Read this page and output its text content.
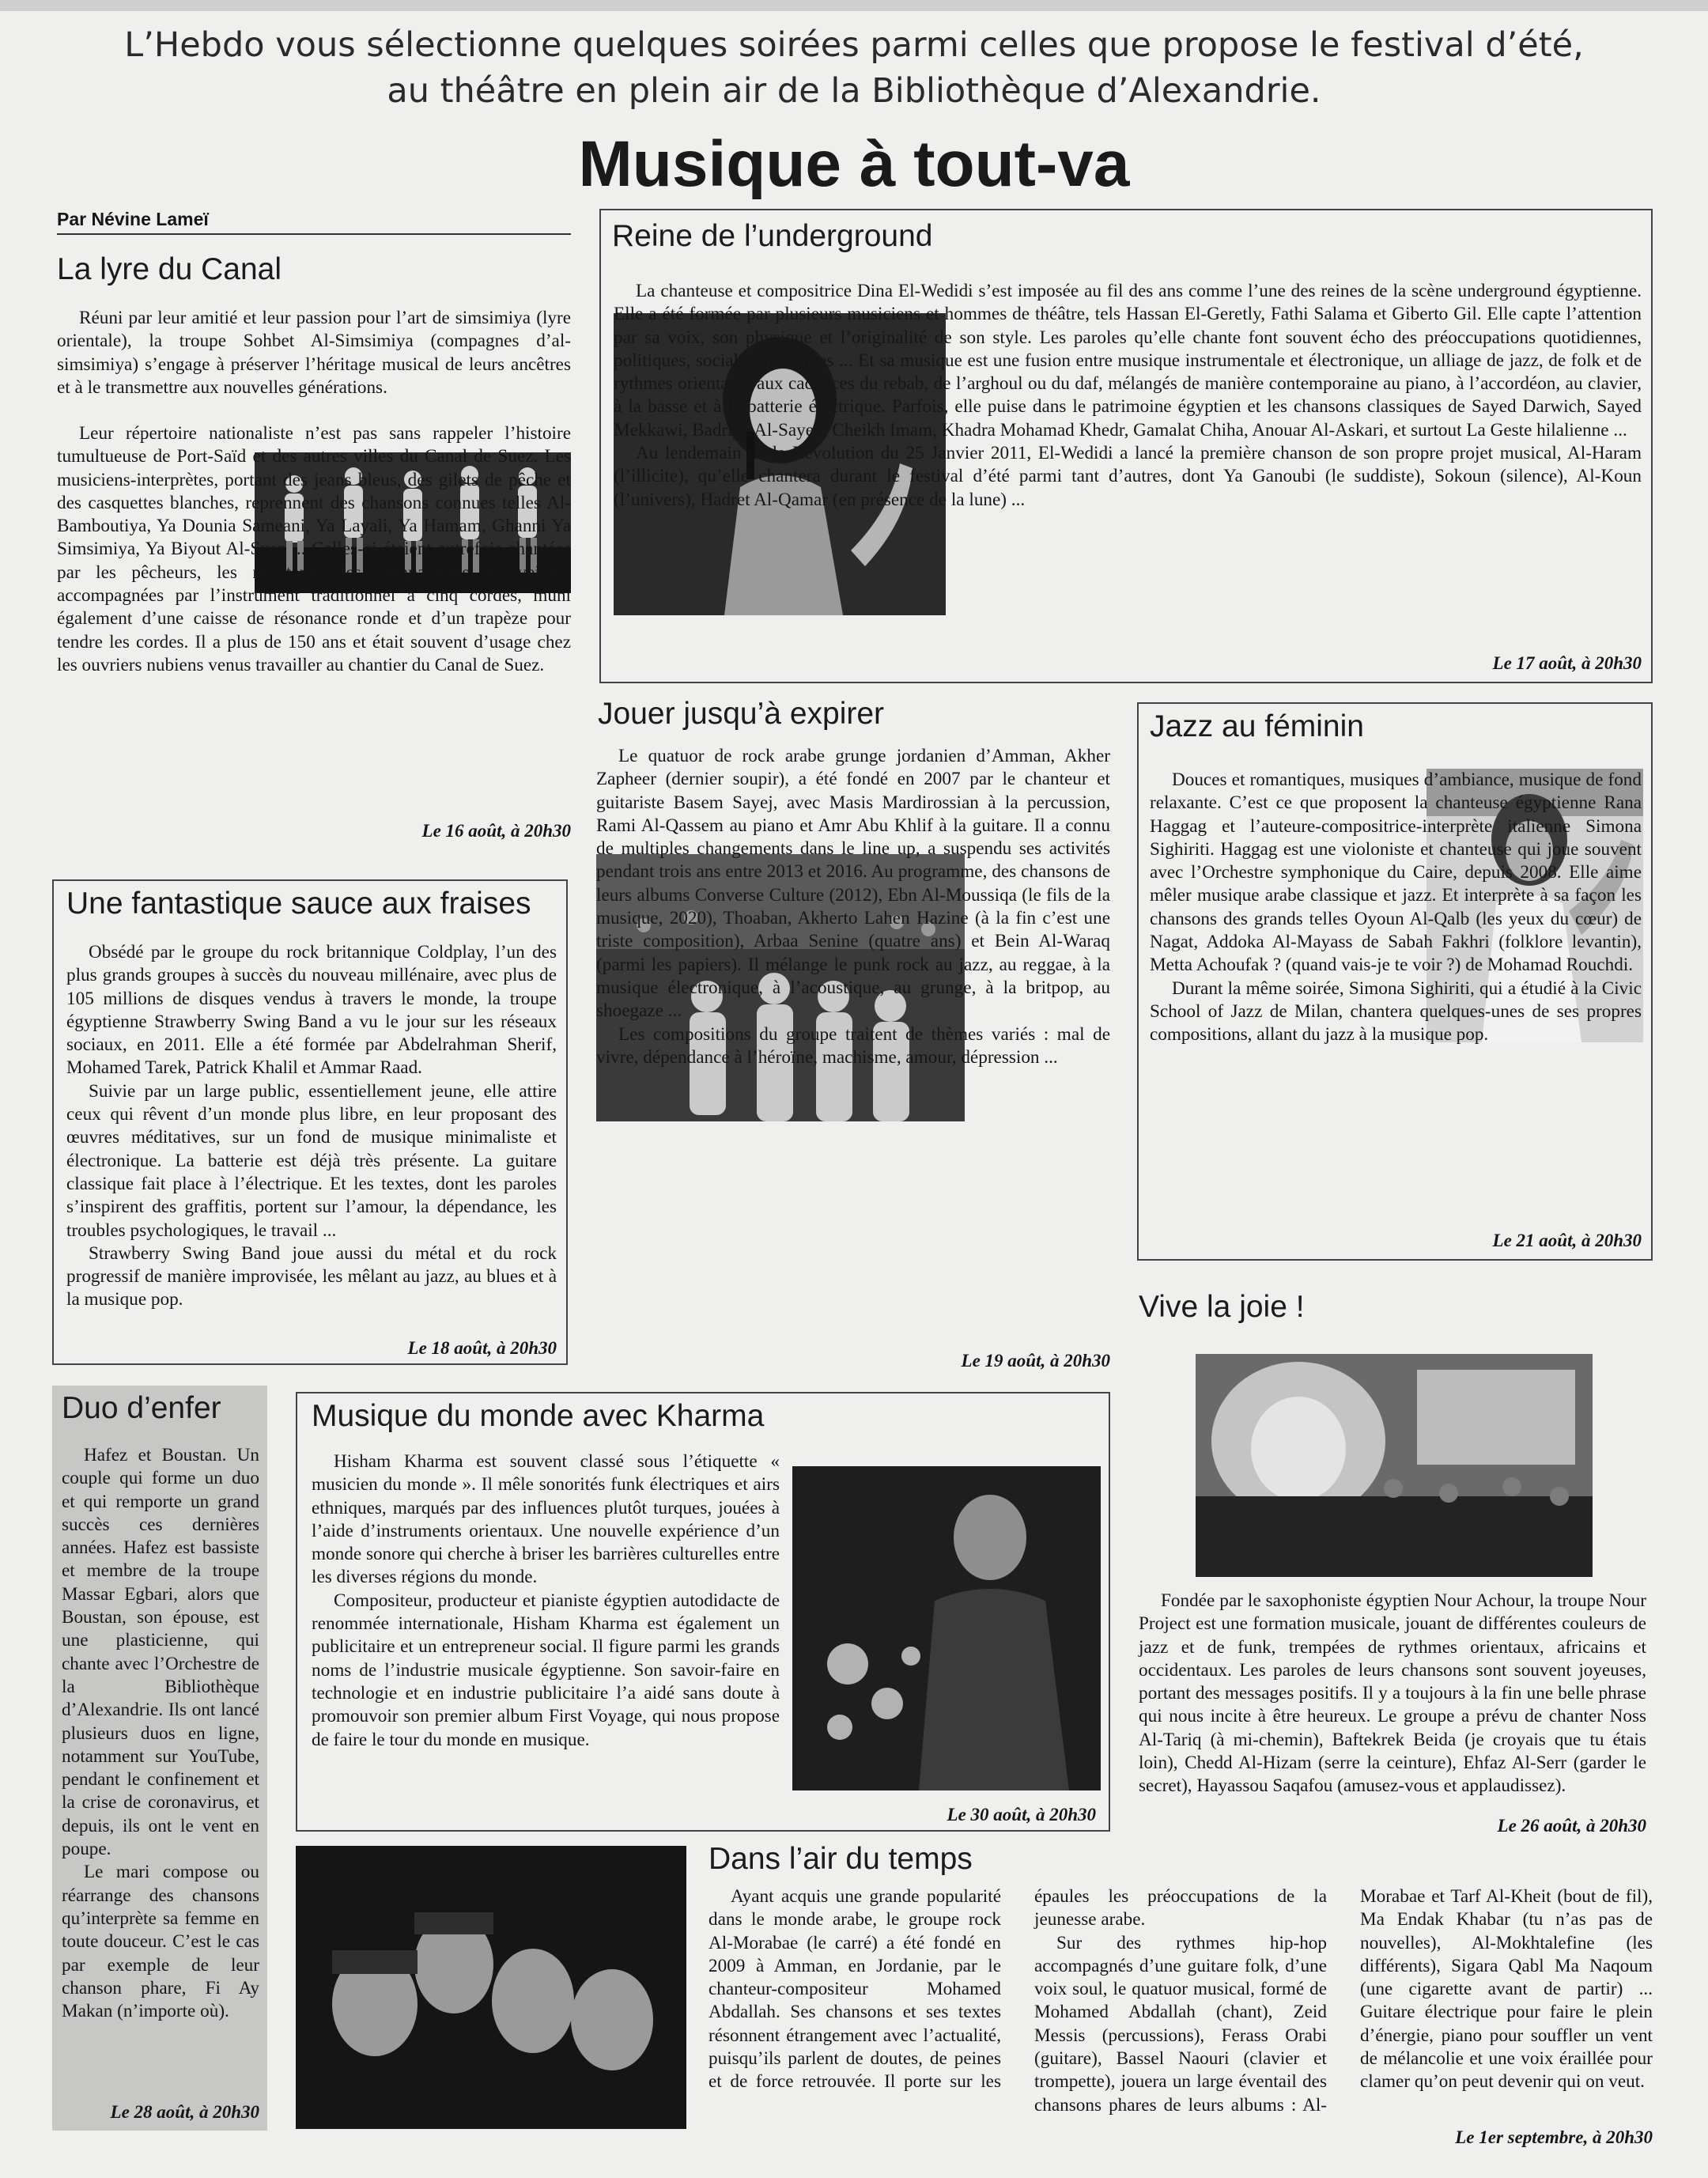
L’Hebdo vous sélectionne quelques soirées parmi celles que propose le festival d’été,
au théâtre en plein air de la Bibliothèque d’Alexandrie.
Musique à tout-va
Par Névine Lameï
La lyre du Canal

Réuni par leur amitié et leur passion pour l’art de simsimiya (lyre orientale), la troupe Sohbet Al-Simsimiya (compagnes d’al-simsimiya) s’engage à préserver l’héritage musical de leurs ancêtres et à le transmettre aux nouvelles générations.

Leur répertoire nationaliste n’est pas sans rappeler l’histoire tumultueuse de Port-Saïd et des autres villes du Canal de Suez. Les musiciens-interprètes, portant des jeans bleus, des gilets de pêche et des casquettes blanches, reprennent des chansons connues telles Al-Bamboutiya, Ya Dounia Sameani, Ya Layali, Ya Hamam, Ghanni Ya Simsimiya, Ya Biyout Al-Suez ... Celles-ci étaient autrefois chantées par les pêcheurs, les résistants, les compagnons de veillée, accompagnées par l’instrument traditionnel à cinq cordes, muni également d’une caisse de résonance ronde et d’un trapèze pour tendre les cordes. Il a plus de 150 ans et était souvent d’usage chez les ouvriers nubiens venus travailler au chantier du Canal de Suez.

Le 16 août, à 20h30
Reine de l’underground

La chanteuse et compositrice Dina El-Wedidi s’est imposée au fil des ans comme l’une des reines de la scène underground égyptienne. Elle a été formée par plusieurs musiciens et hommes de théâtre, tels Hassan El-Geretly, Fathi Salama et Giberto Gil. Elle capte l’attention par sa voix, son physique et l’originalité de son style. Les paroles qu’elle chante font souvent écho des préoccupations quotidiennes, politiques, sociales, humaines ... Et sa musique est une fusion entre musique instrumentale et électronique, un alliage de jazz, de folk et de rythmes orientaux, aux cadences du rebab, de l’arghoul ou du daf, mélangés de manière contemporaine au piano, à l’accordéon, au clavier, à la basse et à la batterie électrique. Parfois, elle puise dans le patrimoine égyptien et les chansons classiques de Sayed Darwich, Sayed Mekkawi, Badriya Al-Sayed, Cheikh Imam, Khadra Mohamad Khedr, Gamalat Chiha, Anouar Al-Askari, et surtout La Geste hilalienne ...

Au lendemain de la Révolution du 25 Janvier 2011, El-Wedidi a lancé la première chanson de son propre projet musical, Al-Haram (l’illicite), qu’elle chantera durant le festival d’été parmi tant d’autres, dont Ya Ganoubi (le suddiste), Sokoun (silence), Al-Koun (l’univers), Hadret Al-Qamar (en présence de la lune) ...

Le 17 août, à 20h30
Jouer jusqu’à expirer

Le quatuor de rock arabe grunge jordanien d’Amman, Akher Zapheer (dernier soupir), a été fondé en 2007 par le chanteur et guitariste Basem Sayej, avec Masis Mardirossian à la percussion, Rami Al-Qassem au piano et Amr Abu Khlif à la guitare. Il a connu de multiples changements dans le line up, a suspendu ses activités pendant trois ans entre 2013 et 2016. Au programme, des chansons de leurs albums Converse Culture (2012), Ebn Al-Moussiqa (le fils de la musique, 2020), Thoaban, Akherto Lahen Hazine (à la fin c’est une triste composition), Arbaa Senine (quatre ans) et Bein Al-Waraq (parmi les papiers). Il mélange le punk rock au jazz, au reggae, à la musique électronique, à l’acoustique, au grunge, à la britpop, au shoegaze ...

Les compositions du groupe traitent de thèmes variés : mal de vivre, dépendance à l’héroïne, machisme, amour, dépression ...

Le 19 août, à 20h30
Jazz au féminin

Douces et romantiques, musiques d’ambiance, musique de fond relaxante. C’est ce que proposent la chanteuse égyptienne Rana Haggag et l’auteure-compositrice-interprète italienne Simona Sighiriti. Haggag est une violoniste et chanteuse qui joue souvent avec l’Orchestre symphonique du Caire, depuis 2008. Elle aime mêler musique arabe classique et jazz. Et interprète à sa façon les chansons des grands telles Oyoun Al-Qalb (les yeux du cœur) de Nagat, Addoka Al-Mayass de Sabah Fakhri (folklore levantin), Metta Achoufak ? (quand vais-je te voir ?) de Mohamad Rouchdi.

Durant la même soirée, Simona Sighiriti, qui a étudié à la Civic School of Jazz de Milan, chantera quelques-unes de ses propres compositions, allant du jazz à la musique pop.

Le 21 août, à 20h30
Une fantastique sauce aux fraises

Obsédé par le groupe du rock britannique Coldplay, l’un des plus grands groupes à succès du nouveau millénaire, avec plus de 105 millions de disques vendus à travers le monde, la troupe égyptienne Strawberry Swing Band a vu le jour sur les réseaux sociaux, en 2011. Elle a été formée par Abdelrahman Sherif, Mohamed Tarek, Patrick Khalil et Ammar Raad.

Suivie par un large public, essentiellement jeune, elle attire ceux qui rêvent d’un monde plus libre, en leur proposant des œuvres méditatives, sur un fond de musique minimaliste et électronique. La batterie est déjà très présente. La guitare classique fait place à l’électrique. Et les textes, dont les paroles s’inspirent des graffitis, portent sur l’amour, la dépendance, les troubles psychologiques, le travail ...

Strawberry Swing Band joue aussi du métal et du rock progressif de manière improvisée, les mêlant au jazz, au blues et à la musique pop.

Le 18 août, à 20h30
Vive la joie !

Fondée par le saxophoniste égyptien Nour Achour, la troupe Nour Project est une formation musicale, jouant de différentes couleurs de jazz et de funk, trempées de rythmes orientaux, africains et occidentaux. Les paroles de leurs chansons sont souvent joyeuses, portant des messages positifs. Il y a toujours à la fin une belle phrase qui nous incite à être heureux. Le groupe a prévu de chanter Noss Al-Tariq (à mi-chemin), Baftekrek Beida (je croyais que tu étais loin), Chedd Al-Hizam (serre la ceinture), Ehfaz Al-Serr (garder le secret), Hayassou Saqafou (amusez-vous et applaudissez).

Le 26 août, à 20h30
Duo d’enfer

Hafez et Boustan. Un couple qui forme un duo et qui remporte un grand succès ces dernières années. Hafez est bassiste et membre de la troupe Massar Egbari, alors que Boustan, son épouse, est une plasticienne, qui chante avec l’Orchestre de la Bibliothèque d’Alexandrie. Ils ont lancé plusieurs duos en ligne, notamment sur YouTube, pendant le confinement et la crise de coronavirus, et depuis, ils ont le vent en poupe.

Le mari compose ou réarrange des chansons qu’interprète sa femme en toute douceur. C’est le cas par exemple de leur chanson phare, Fi Ay Makan (n’importe où).

Le 28 août, à 20h30
Musique du monde avec Kharma

Hisham Kharma est souvent classé sous l’étiquette « musicien du monde ». Il mêle sonorités funk électriques et airs ethniques, marqués par des influences plutôt turques, jouées à l’aide d’instruments orientaux. Une nouvelle expérience d’un monde sonore qui cherche à briser les barrières culturelles entre les diverses régions du monde.

Compositeur, producteur et pianiste égyptien autodidacte de renommée internationale, Hisham Kharma est également un publicitaire et un entrepreneur social. Il figure parmi les grands noms de l’industrie musicale égyptienne. Son savoir-faire en technologie et en industrie publicitaire l’a aidé sans doute à promouvoir son premier album First Voyage, qui nous propose de faire le tour du monde en musique.

Le 30 août, à 20h30
Dans l’air du temps

Ayant acquis une grande popularité dans le monde arabe, le groupe rock Al-Morabae (le carré) a été fondé en 2009 à Amman, en Jordanie, par le chanteur-compositeur Mohamed Abdallah. Ses chansons et ses textes résonnent étrangement avec l’actualité, puisqu’ils parlent de doutes, de peines et de force retrouvée. Il porte sur les épaules les préoccupations de la jeunesse arabe.

Sur des rythmes hip-hop accompagnés d’une guitare folk, d’une voix soul, le quatuor musical, formé de Mohamed Abdallah (chant), Zeid Messis (percussions), Ferass Orabi (guitare), Bassel Naouri (clavier et trompette), jouera un large éventail des chansons phares de leurs albums : Al-Morabae et Tarf Al-Kheit (bout de fil), Ma Endak Khabar (tu n’as pas de nouvelles), Al-Mokhtalefine (les différents), Sigara Qabl Ma Naqoum (une cigarette avant de partir) ... Guitare électrique pour faire le plein d’énergie, piano pour souffler un vent de mélancolie et une voix éraillée pour clamer qu’on peut devenir qui on veut.

Le 1er septembre, à 20h30
